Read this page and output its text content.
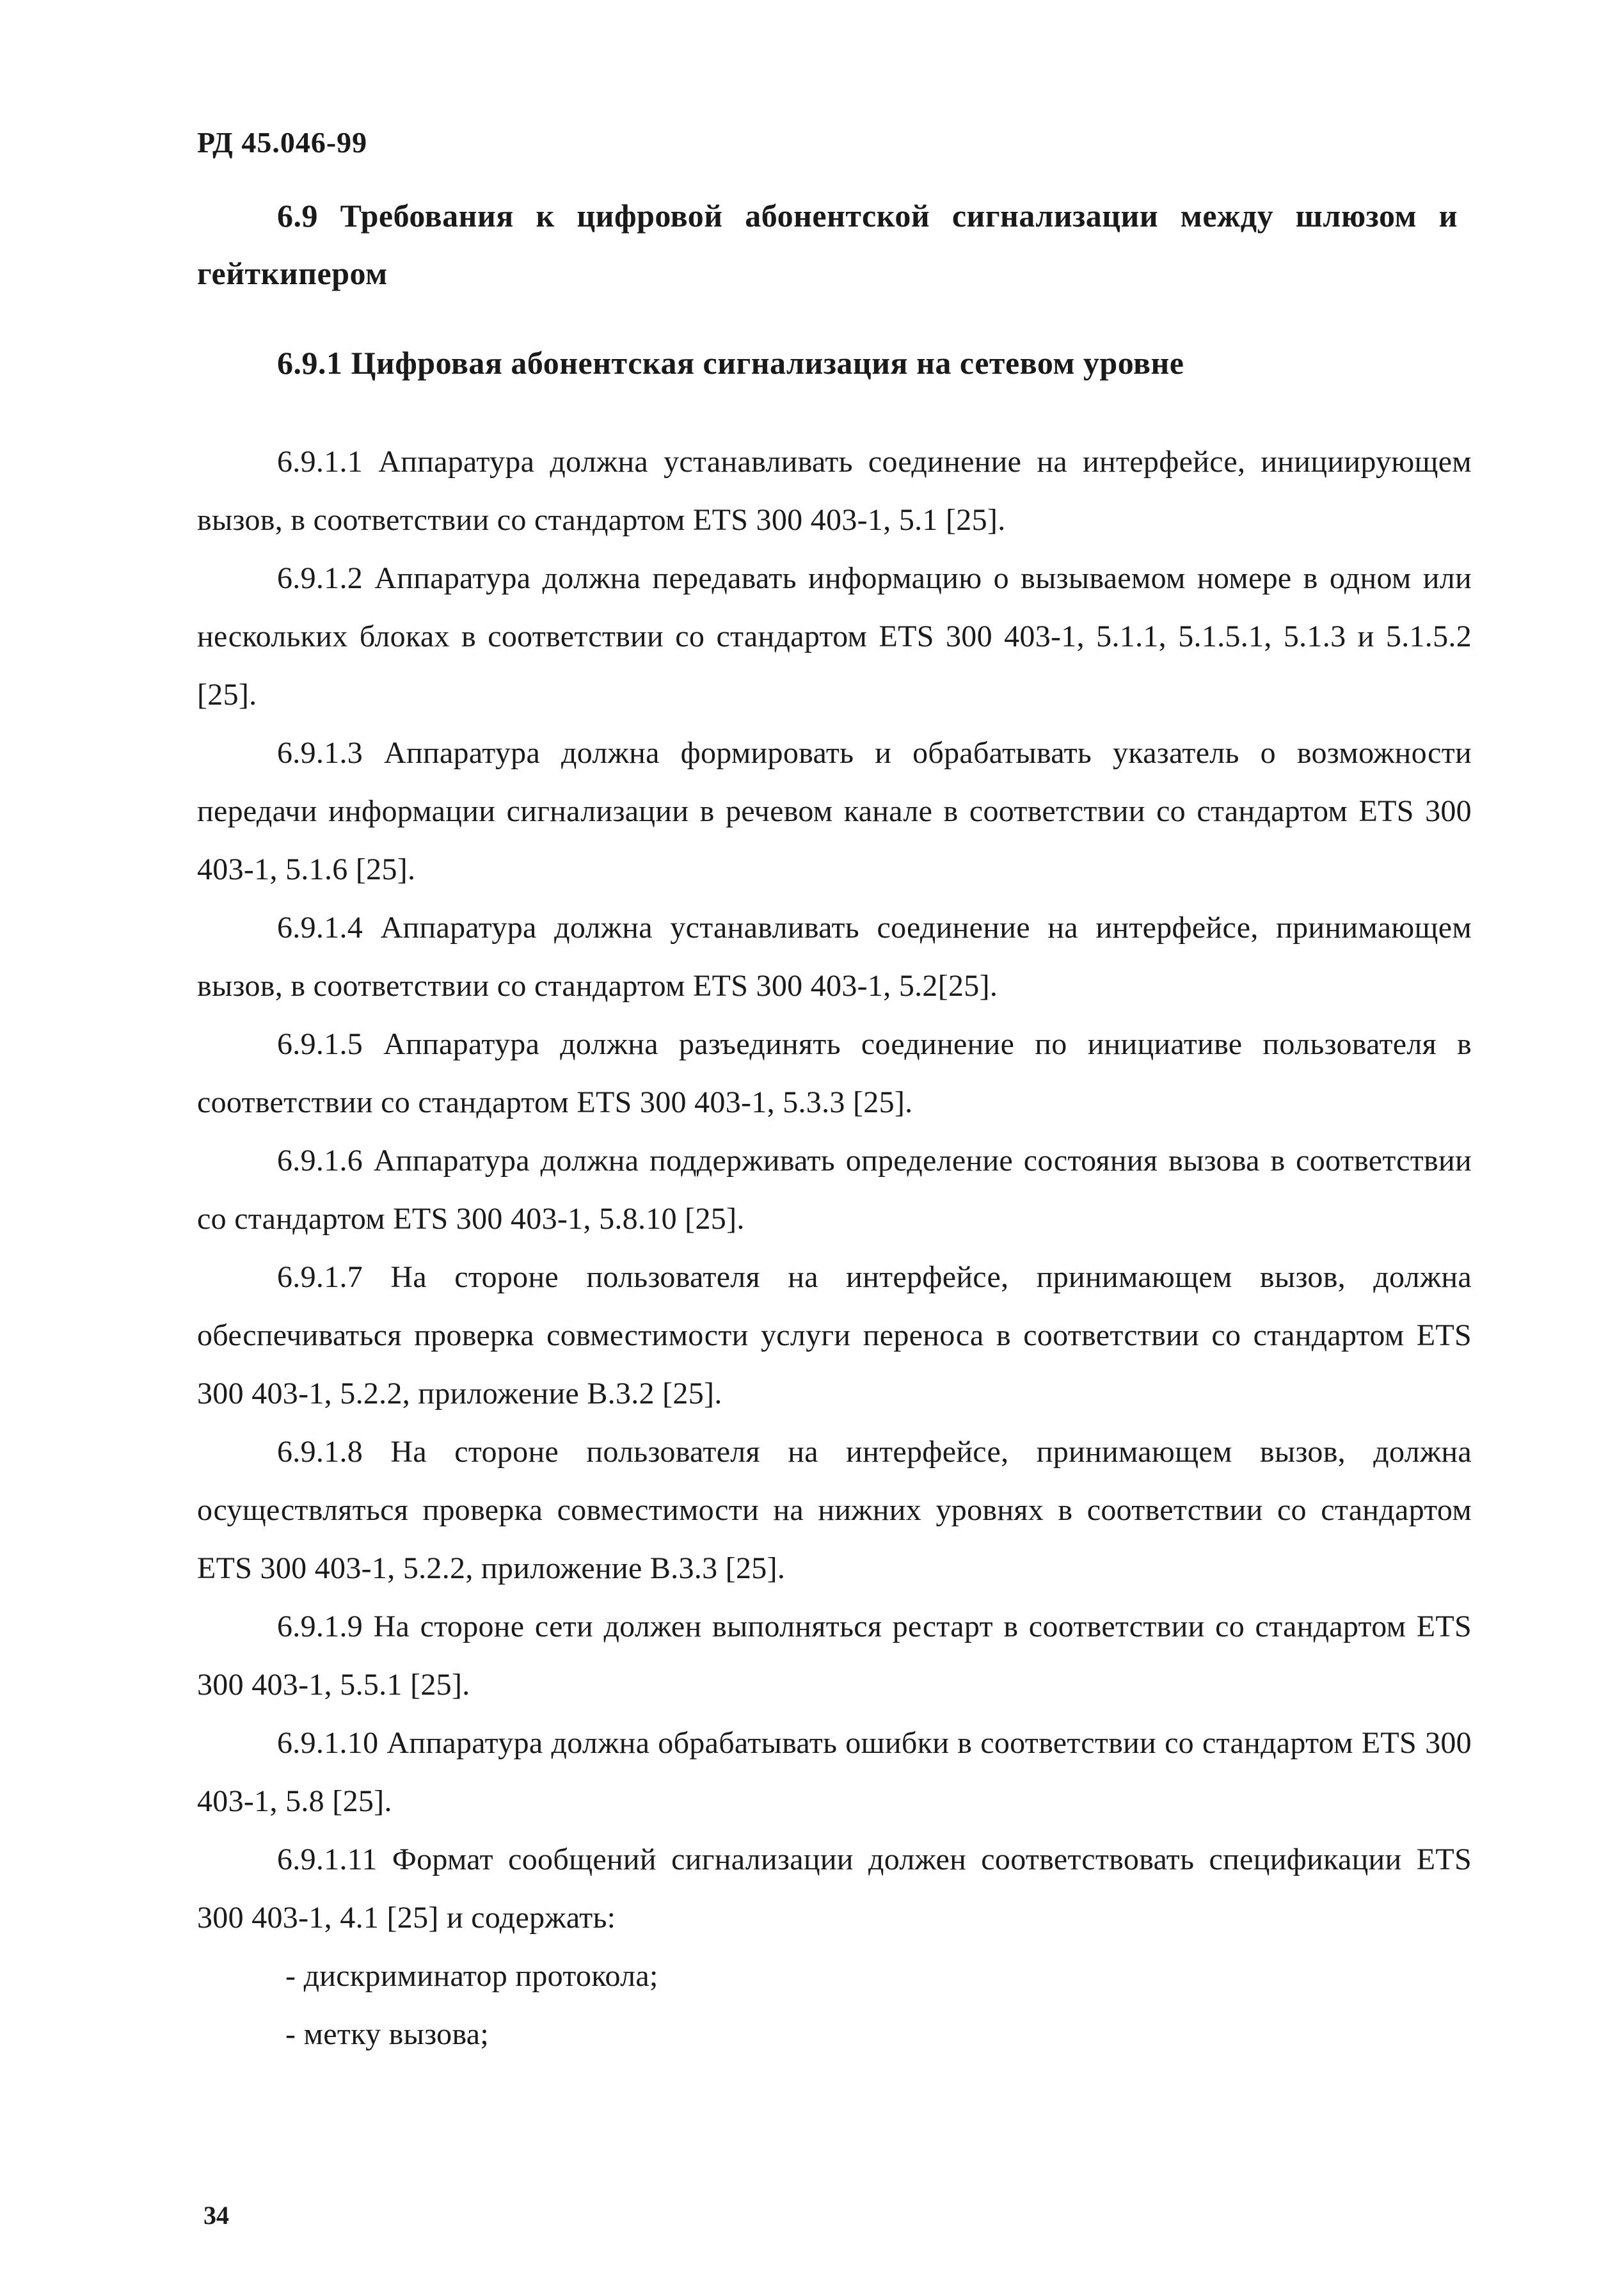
РД 45.046-99
6.9 Требования к цифровой абонентской сигнализации между шлюзом и гейткипером
6.9.1 Цифровая абонентская сигнализация на сетевом уровне

6.9.1.1 Аппаратура должна устанавливать соединение на интерфейсе, инициирующем вызов, в соответствии со стандартом ETS 300 403-1, 5.1 [25].

6.9.1.2 Аппаратура должна передавать информацию о вызываемом номере в одном или нескольких блоках в соответствии со стандартом ETS 300 403-1, 5.1.1, 5.1.5.1, 5.1.3 и 5.1.5.2 [25].

6.9.1.3 Аппаратура должна формировать и обрабатывать указатель о возможности передачи информации сигнализации в речевом канале в соответствии со стандартом ETS 300 403-1, 5.1.6 [25].

6.9.1.4 Аппаратура должна устанавливать соединение на интерфейсе, принимающем вызов, в соответствии со стандартом ETS 300 403-1, 5.2[25].

6.9.1.5 Аппаратура должна разъединять соединение по инициативе пользователя в соответствии со стандартом ETS 300 403-1, 5.3.3 [25].

6.9.1.6 Аппаратура должна поддерживать определение состояния вызова в соответствии со стандартом ETS 300 403-1, 5.8.10 [25].

6.9.1.7 На стороне пользователя на интерфейсе, принимающем вызов, должна обеспечиваться проверка совместимости услуги переноса в соответствии со стандартом ETS 300 403-1, 5.2.2, приложение В.3.2 [25].

6.9.1.8 На стороне пользователя на интерфейсе, принимающем вызов, должна осуществляться проверка совместимости на нижних уровнях в соответствии со стандартом ETS 300 403-1, 5.2.2, приложение В.3.3 [25].

6.9.1.9 На стороне сети должен выполняться рестарт в соответствии со стандартом ETS 300 403-1, 5.5.1 [25].

6.9.1.10 Аппаратура должна обрабатывать ошибки в соответствии со стандартом ETS 300 403-1, 5.8 [25].

6.9.1.11 Формат сообщений сигнализации должен соответствовать спецификации ETS 300 403-1, 4.1 [25] и содержать:

- дискриминатор протокола;

- метку вызова;

34
